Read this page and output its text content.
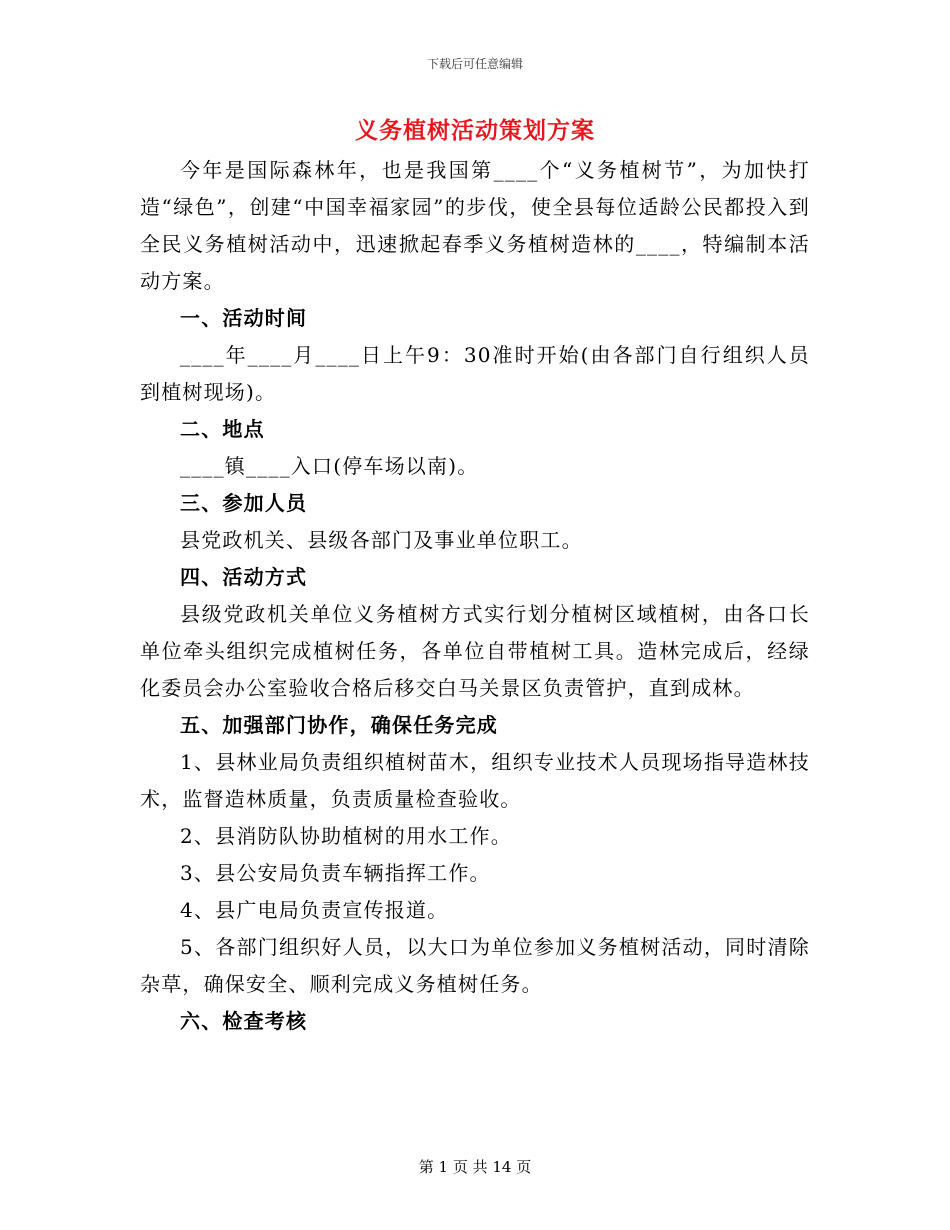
下载后可任意编辑
义务植树活动策划方案

今年是国际森林年，也是我国第____个“义务植树节”，为加快打造“绿色”，创建“中国幸福家园”的步伐，使全县每位适龄公民都投入到全民义务植树活动中，迅速掀起春季义务植树造林的____，特编制本活动方案。

一、活动时间

____年____月____日上午9：30准时开始(由各部门自行组织人员到植树现场)。

二、地点

____镇____入口(停车场以南)。

三、参加人员

县党政机关、县级各部门及事业单位职工。

四、活动方式

县级党政机关单位义务植树方式实行划分植树区域植树，由各口长单位牵头组织完成植树任务，各单位自带植树工具。造林完成后，经绿化委员会办公室验收合格后移交白马关景区负责管护，直到成林。

五、加强部门协作，确保任务完成

1、县林业局负责组织植树苗木，组织专业技术人员现场指导造林技术，监督造林质量，负责质量检查验收。

2、县消防队协助植树的用水工作。

3、县公安局负责车辆指挥工作。

4、县广电局负责宣传报道。

5、各部门组织好人员，以大口为单位参加义务植树活动，同时清除杂草，确保安全、顺利完成义务植树任务。

六、检查考核

第 1 页 共 14 页
